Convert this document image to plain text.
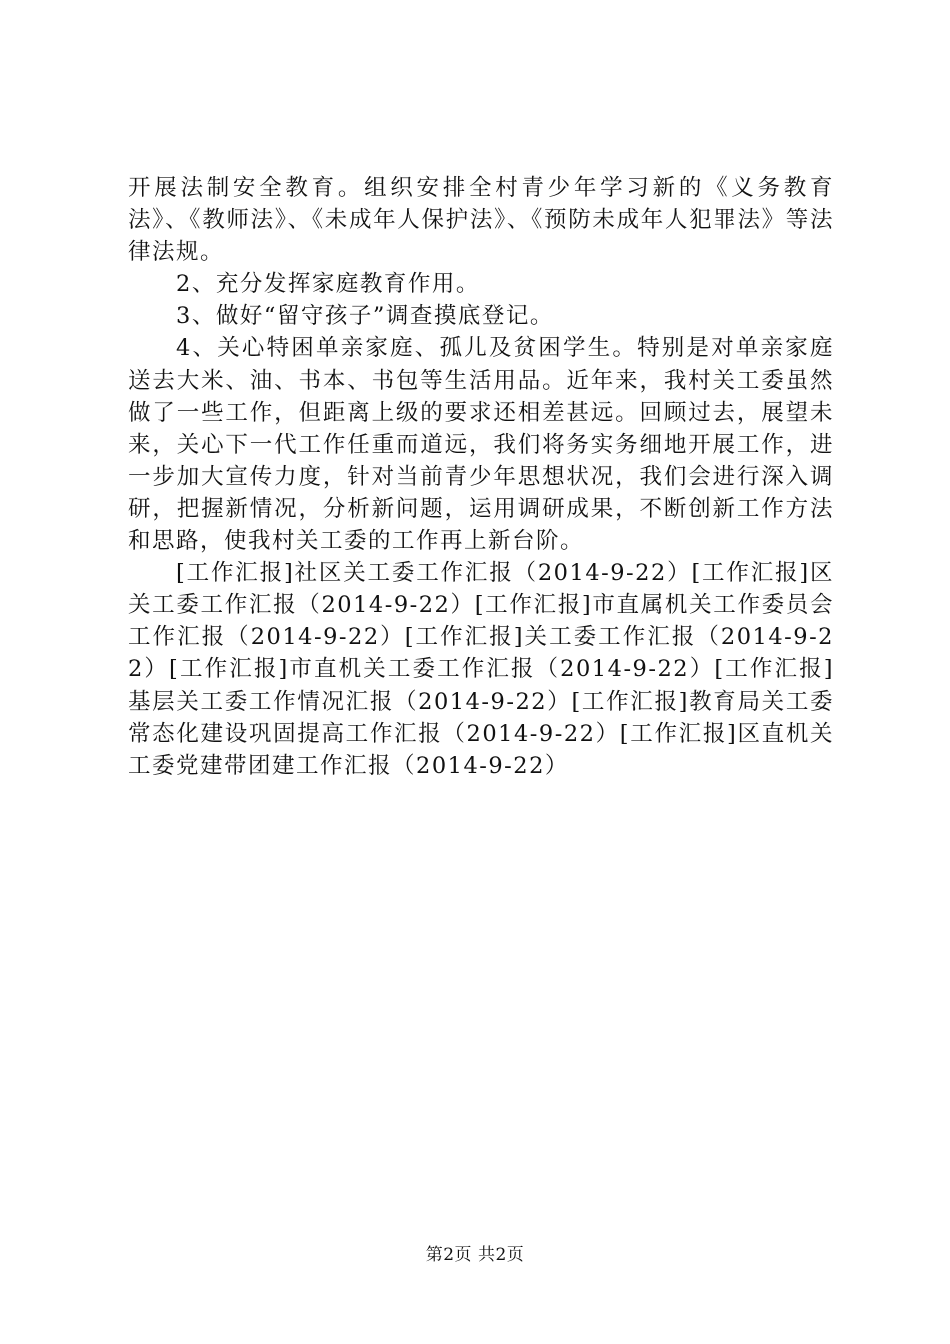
开展法制安全教育。组织安排全村青少年学习新的《义务教育法》、《教师法》、《未成年人保护法》、《预防未成年人犯罪法》等法律法规。

2、充分发挥家庭教育作用。

3、做好“留守孩子”调查摸底登记。

4、关心特困单亲家庭、孤儿及贫困学生。特别是对单亲家庭送去大米、油、书本、书包等生活用品。近年来，我村关工委虽然做了一些工作，但距离上级的要求还相差甚远。回顾过去，展望未来，关心下一代工作任重而道远，我们将务实务细地开展工作，进一步加大宣传力度，针对当前青少年思想状况，我们会进行深入调研，把握新情况，分析新问题，运用调研成果，不断创新工作方法和思路，使我村关工委的工作再上新台阶。

[工作汇报]社区关工委工作汇报（2014-9-22）[工作汇报]区关工委工作汇报（2014-9-22）[工作汇报]市直属机关工作委员会工作汇报（2014-9-22）[工作汇报]关工委工作汇报（2014-9-22）[工作汇报]市直机关工委工作汇报（2014-9-22）[工作汇报]基层关工委工作情况汇报（2014-9-22）[工作汇报]教育局关工委常态化建设巩固提高工作汇报（2014-9-22）[工作汇报]区直机关工委党建带团建工作汇报（2014-9-22）

第2页 共2页
